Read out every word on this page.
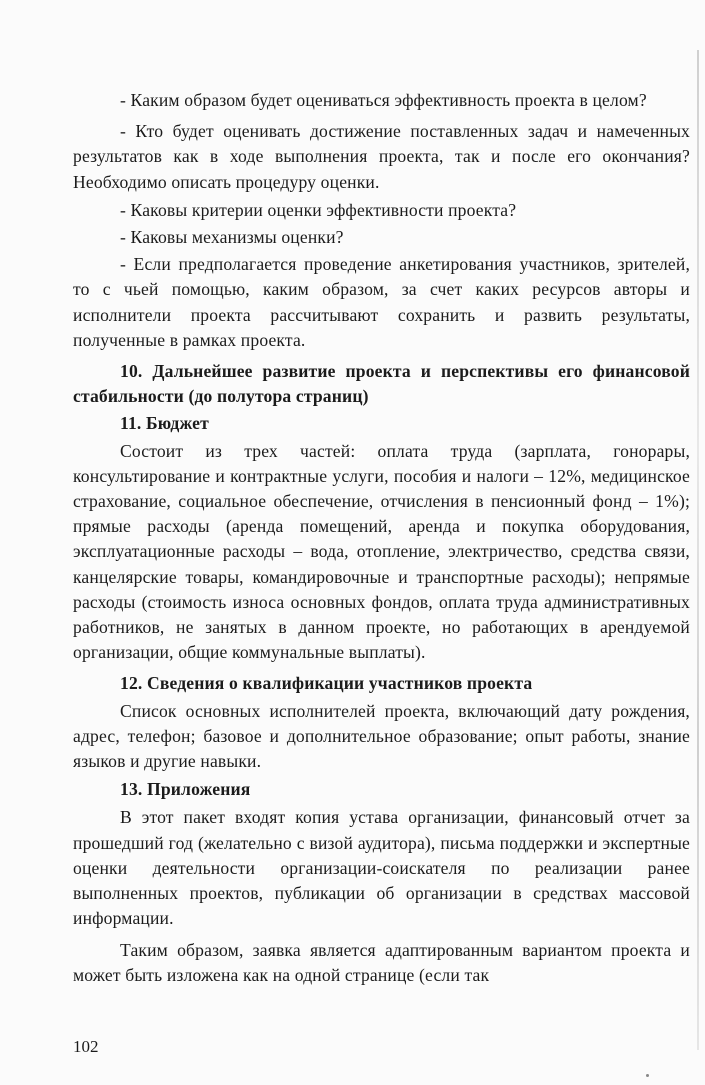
- Каким образом будет оцениваться эффективность проекта в целом?

- Кто будет оценивать достижение поставленных задач и намеченных результатов как в ходе выполнения проекта, так и после его окончания? Необходимо описать процедуру оценки.

- Каковы критерии оценки эффективности проекта?

- Каковы механизмы оценки?

- Если предполагается проведение анкетирования участников, зрителей, то с чьей помощью, каким образом, за счет каких ресурсов авторы и исполнители проекта рассчитывают сохранить и развить результаты, полученные в рамках проекта.

10. Дальнейшее развитие проекта и перспективы его финансовой стабильности (до полутора страниц)

11. Бюджет

Состоит из трех частей: оплата труда (зарплата, гонорары, консультирование и контрактные услуги, пособия и налоги – 12%, медицинское страхование, социальное обеспечение, отчисления в пенсионный фонд – 1%); прямые расходы (аренда помещений, аренда и покупка оборудования, эксплуатационные расходы – вода, отопление, электричество, средства связи, канцелярские товары, командировочные и транспортные расходы); непрямые расходы (стоимость износа основных фондов, оплата труда административных работников, не занятых в данном проекте, но работающих в арендуемой организации, общие коммунальные выплаты).

12. Сведения о квалификации участников проекта

Список основных исполнителей проекта, включающий дату рождения, адрес, телефон; базовое и дополнительное образование; опыт работы, знание языков и другие навыки.

13. Приложения

В этот пакет входят копия устава организации, финансовый отчет за прошедший год (желательно с визой аудитора), письма поддержки и экспертные оценки деятельности организации-соискателя по реализации ранее выполненных проектов, публикации об организации в средствах массовой информации.

Таким образом, заявка является адаптированным вариантом проекта и может быть изложена как на одной странице (если так

102
